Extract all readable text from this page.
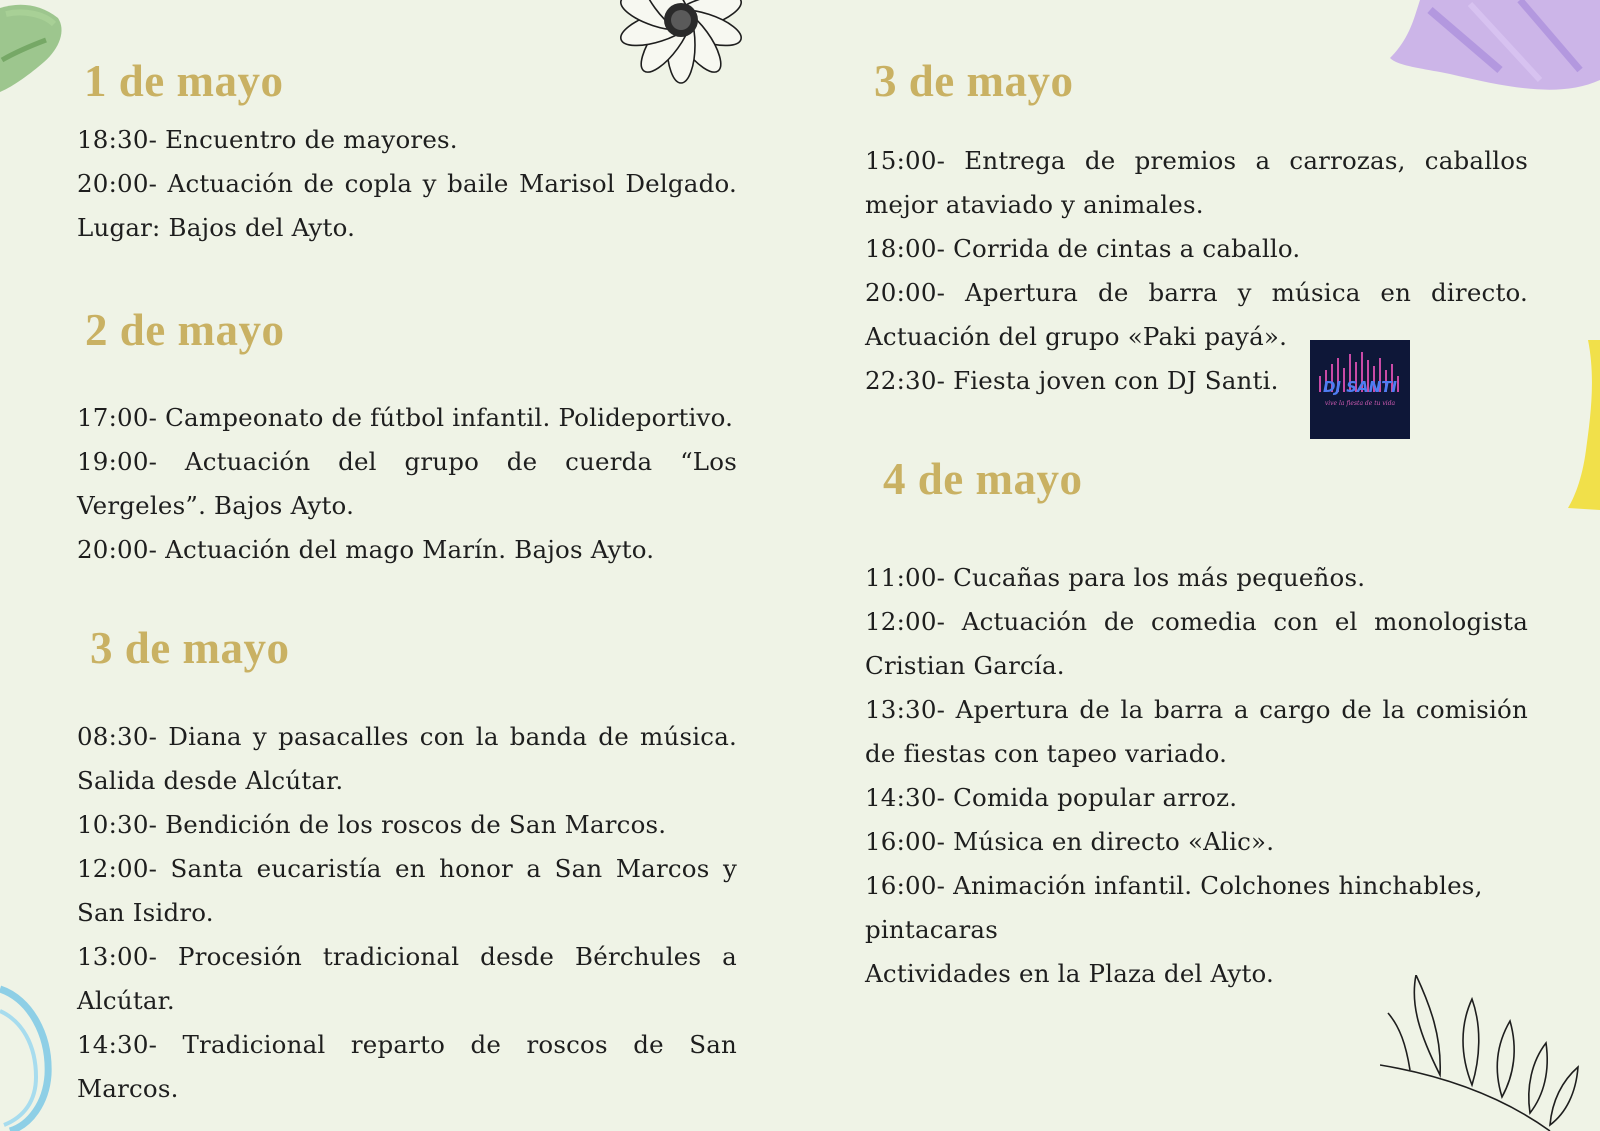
DJ SANTI
vive la fiesta de tu vida
1 de mayo

18:30- Encuentro de mayores.

20:00- Actuación de copla y baile Marisol Delgado. Lugar: Bajos del Ayto.

2 de mayo

17:00- Campeonato de fútbol infantil. Polideportivo.

19:00- Actuación del grupo de cuerda “Los Vergeles”. Bajos Ayto.

20:00- Actuación del mago Marín. Bajos Ayto.

3 de mayo

08:30- Diana y pasacalles con la banda de música. Salida desde Alcútar.

10:30- Bendición de los roscos de San Marcos.

12:00- Santa eucaristía en honor a San Marcos y San Isidro.

13:00- Procesión tradicional desde Bérchules a Alcútar.

14:30- Tradicional reparto de roscos de San Marcos.

3 de mayo

15:00- Entrega de premios a carrozas, caballos mejor ataviado y animales.

18:00- Corrida de cintas a caballo.

20:00- Apertura de barra y música en directo. Actuación del grupo «Paki payá».

22:30- Fiesta joven con DJ Santi.

4 de mayo

11:00- Cucañas para los más pequeños.

12:00- Actuación de comedia con el monologista Cristian García.

13:30- Apertura de la barra a cargo de la comisión de fiestas con tapeo variado.

14:30- Comida popular arroz.

16:00- Música en directo «Alic».

16:00- Animación infantil. Colchones hinchables, pintacaras

Actividades en la Plaza del Ayto.
